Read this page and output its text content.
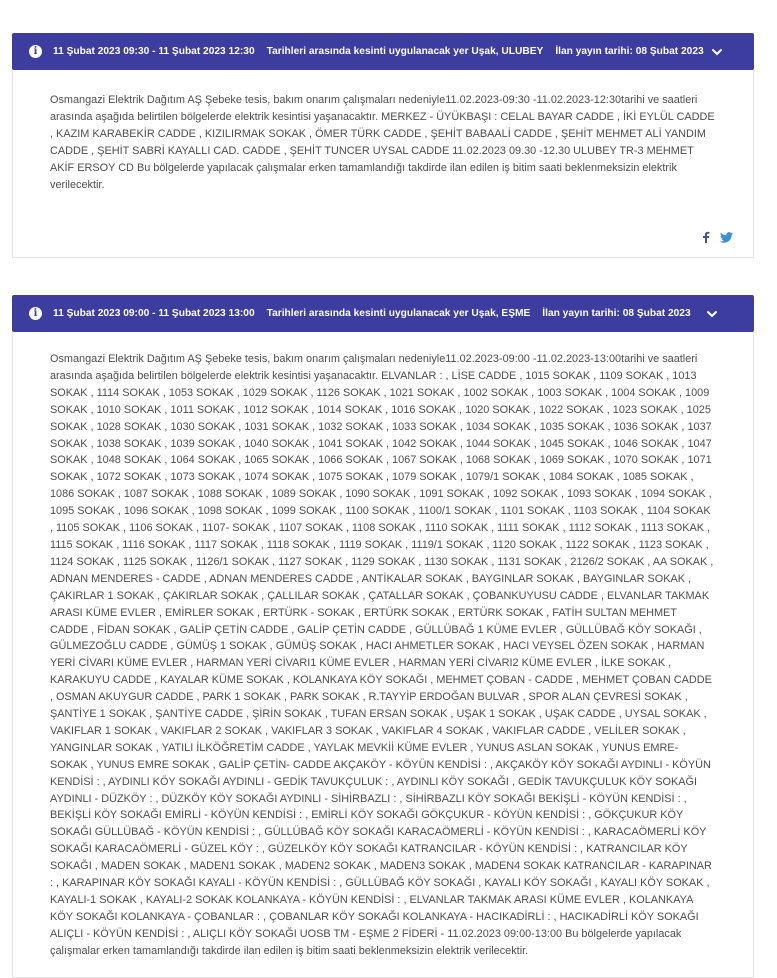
i	11 Şubat 2023 09:30 - 11 Şubat 2023 12:30 Tarihleri arasında kesinti uygulanacak yer Uşak, ULUBEY İlan yayın tarihi: 08 Şubat 2023

Osmangazi Elektrik Dağıtım AŞ Şebeke tesis, bakım onarım çalışmaları nedeniyle11.02.2023-09:30 -11.02.2023-12:30tarihi ve saatleri arasında aşağıda belirtilen bölgelerde elektrik kesintisi yaşanacaktır. MERKEZ - ÜYÜKBAŞI : CELAL BAYAR CADDE , İKİ EYLÜL CADDE , KAZIM KARABEKİR CADDE , KIZILIRMAK SOKAK , ÖMER TÜRK CADDE , ŞEHİT BABAALİ CADDE , ŞEHİT MEHMET ALİ YANDIM CADDE , ŞEHİT SABRİ KAYALLI CAD. CADDE , ŞEHİT TUNCER UYSAL CADDE 11.02.2023 09.30 -12.30 ULUBEY TR-3 MEHMET AKİF ERSOY CD Bu bölgelerde yapılacak çalışmalar erken tamamlandığı takdirde ilan edilen iş bitim saati beklenmeksizin elektrik verilecektir.

i	11 Şubat 2023 09:00 - 11 Şubat 2023 13:00 Tarihleri arasında kesinti uygulanacak yer Uşak, EŞME İlan yayın tarihi: 08 Şubat 2023

Osmangazi Elektrik Dağıtım AŞ Şebeke tesis, bakım onarım çalışmaları nedeniyle11.02.2023-09:00 -11.02.2023-13:00tarihi ve saatleri arasında aşağıda belirtilen bölgelerde elektrik kesintisi yaşanacaktır. ELVANLAR : , LİSE CADDE , 1015 SOKAK , 1109 SOKAK , 1013 SOKAK , 1114 SOKAK , 1053 SOKAK , 1029 SOKAK , 1126 SOKAK , 1021 SOKAK , 1002 SOKAK , 1003 SOKAK , 1004 SOKAK , 1009 SOKAK , 1010 SOKAK , 1011 SOKAK , 1012 SOKAK , 1014 SOKAK , 1016 SOKAK , 1020 SOKAK , 1022 SOKAK , 1023 SOKAK , 1025 SOKAK , 1028 SOKAK , 1030 SOKAK , 1031 SOKAK , 1032 SOKAK , 1033 SOKAK , 1034 SOKAK , 1035 SOKAK , 1036 SOKAK , 1037 SOKAK , 1038 SOKAK , 1039 SOKAK , 1040 SOKAK , 1041 SOKAK , 1042 SOKAK , 1044 SOKAK , 1045 SOKAK , 1046 SOKAK , 1047 SOKAK , 1048 SOKAK , 1064 SOKAK , 1065 SOKAK , 1066 SOKAK , 1067 SOKAK , 1068 SOKAK , 1069 SOKAK , 1070 SOKAK , 1071 SOKAK , 1072 SOKAK , 1073 SOKAK , 1074 SOKAK , 1075 SOKAK , 1079 SOKAK , 1079/1 SOKAK , 1084 SOKAK , 1085 SOKAK , 1086 SOKAK , 1087 SOKAK , 1088 SOKAK , 1089 SOKAK , 1090 SOKAK , 1091 SOKAK , 1092 SOKAK , 1093 SOKAK , 1094 SOKAK , 1095 SOKAK , 1096 SOKAK , 1098 SOKAK , 1099 SOKAK , 1100 SOKAK , 1100/1 SOKAK , 1101 SOKAK , 1103 SOKAK , 1104 SOKAK , 1105 SOKAK , 1106 SOKAK , 1107- SOKAK , 1107 SOKAK , 1108 SOKAK , 1110 SOKAK , 1111 SOKAK , 1112 SOKAK , 1113 SOKAK , 1115 SOKAK , 1116 SOKAK , 1117 SOKAK , 1118 SOKAK , 1119 SOKAK , 1119/1 SOKAK , 1120 SOKAK , 1122 SOKAK , 1123 SOKAK , 1124 SOKAK , 1125 SOKAK , 1126/1 SOKAK , 1127 SOKAK , 1129 SOKAK , 1130 SOKAK , 1131 SOKAK , 2126/2 SOKAK , AA SOKAK , ADNAN MENDERES - CADDE , ADNAN MENDERES CADDE , ANTİKALAR SOKAK , BAYGINLAR SOKAK , BAYGINLAR SOKAK , ÇAKIRLAR 1 SOKAK , ÇAKIRLAR SOKAK , ÇALLILAR SOKAK , ÇATALLAR SOKAK , ÇOBANKUYUSU CADDE , ELVANLAR TAKMAK ARASI KÜME EVLER , EMİRLER SOKAK , ERTÜRK - SOKAK , ERTÜRK SOKAK , ERTÜRK SOKAK , FATİH SULTAN MEHMET CADDE , FİDAN SOKAK , GALİP ÇETİN CADDE , GALİP ÇETİN CADDE , GÜLLÜBAĞ 1 KÜME EVLER , GÜLLÜBAĞ KÖY SOKAĞI , GÜLMEZOĞLU CADDE , GÜMÜŞ 1 SOKAK , GÜMÜŞ SOKAK , HACI AHMETLER SOKAK , HACI VEYSEL ÖZEN SOKAK , HARMAN YERİ CİVARI KÜME EVLER , HARMAN YERİ CİVARI1 KÜME EVLER , HARMAN YERİ CİVARI2 KÜME EVLER , İLKE SOKAK , KARAKUYU CADDE , KAYALAR KÜME SOKAK , KOLANKAYA KÖY SOKAĞI , MEHMET ÇOBAN - CADDE , MEHMET ÇOBAN CADDE , OSMAN AKUYGUR CADDE , PARK 1 SOKAK , PARK SOKAK , R.TAYYİP ERDOĞAN BULVAR , SPOR ALAN ÇEVRESİ SOKAK , ŞANTİYE 1 SOKAK , ŞANTİYE CADDE , ŞİRİN SOKAK , TUFAN ERSAN SOKAK , UŞAK 1 SOKAK , UŞAK CADDE , UYSAL SOKAK , VAKIFLAR 1 SOKAK , VAKIFLAR 2 SOKAK , VAKIFLAR 3 SOKAK , VAKIFLAR 4 SOKAK , VAKIFLAR CADDE , VELİLER SOKAK , YANGINLAR SOKAK , YATILI İLKÖĞRETİM CADDE , YAYLAK MEVKİİ KÜME EVLER , YUNUS ASLAN SOKAK , YUNUS EMRE- SOKAK , YUNUS EMRE SOKAK , GALİP ÇETİN- CADDE AKÇAKÖY - KÖYÜN KENDİSİ : , AKÇAKÖY KÖY SOKAĞI AYDINLI - KÖYÜN KENDİSİ : , AYDINLI KÖY SOKAĞI AYDINLI - GEDİK TAVUKÇULUK : , AYDINLI KÖY SOKAĞI , GEDİK TAVUKÇULUK KÖY SOKAĞI AYDINLI - DÜZKÖY : , DÜZKÖY KÖY SOKAĞI AYDINLI - SİHİRBAZLI : , SİHİRBAZLI KÖY SOKAĞI BEKİŞLİ - KÖYÜN KENDİSİ : , BEKİŞLİ KÖY SOKAĞI EMİRLİ - KÖYÜN KENDİSİ : , EMİRLİ KÖY SOKAĞI GÖKÇUKUR - KÖYÜN KENDİSİ : , GÖKÇUKUR KÖY SOKAĞI GÜLLÜBAĞ - KÖYÜN KENDİSİ : , GÜLLÜBAĞ KÖY SOKAĞI KARACAÖMERLİ - KÖYÜN KENDİSİ : , KARACAÖMERLİ KÖY SOKAĞI KARACAÖMERLİ - GÜZEL KÖY : , GÜZELKÖY KÖY SOKAĞI KATRANCILAR - KÖYÜN KENDİSİ : , KATRANCILAR KÖY SOKAĞI , MADEN SOKAK , MADEN1 SOKAK , MADEN2 SOKAK , MADEN3 SOKAK , MADEN4 SOKAK KATRANCILAR - KARAPINAR : , KARAPINAR KÖY SOKAĞI KAYALI - KÖYÜN KENDİSİ : , GÜLLÜBAĞ KÖY SOKAĞI , KAYALI KÖY SOKAĞI , KAYALI KÖY SOKAK , KAYALI-1 SOKAK , KAYALI-2 SOKAK KOLANKAYA - KÖYÜN KENDİSİ : , ELVANLAR TAKMAK ARASI KÜME EVLER , KOLANKAYA KÖY SOKAĞI KOLANKAYA - ÇOBANLAR : , ÇOBANLAR KÖY SOKAĞI KOLANKAYA - HACIKADİRLİ : , HACIKADİRLİ KÖY SOKAĞI ALIÇLI - KÖYÜN KENDİSİ : , ALIÇLI KÖY SOKAĞI UOSB TM - EŞME 2 FİDERİ - 11.02.2023 09:00-13:00 Bu bölgelerde yapılacak çalışmalar erken tamamlandığı takdirde ilan edilen iş bitim saati beklenmeksizin elektrik verilecektir.
